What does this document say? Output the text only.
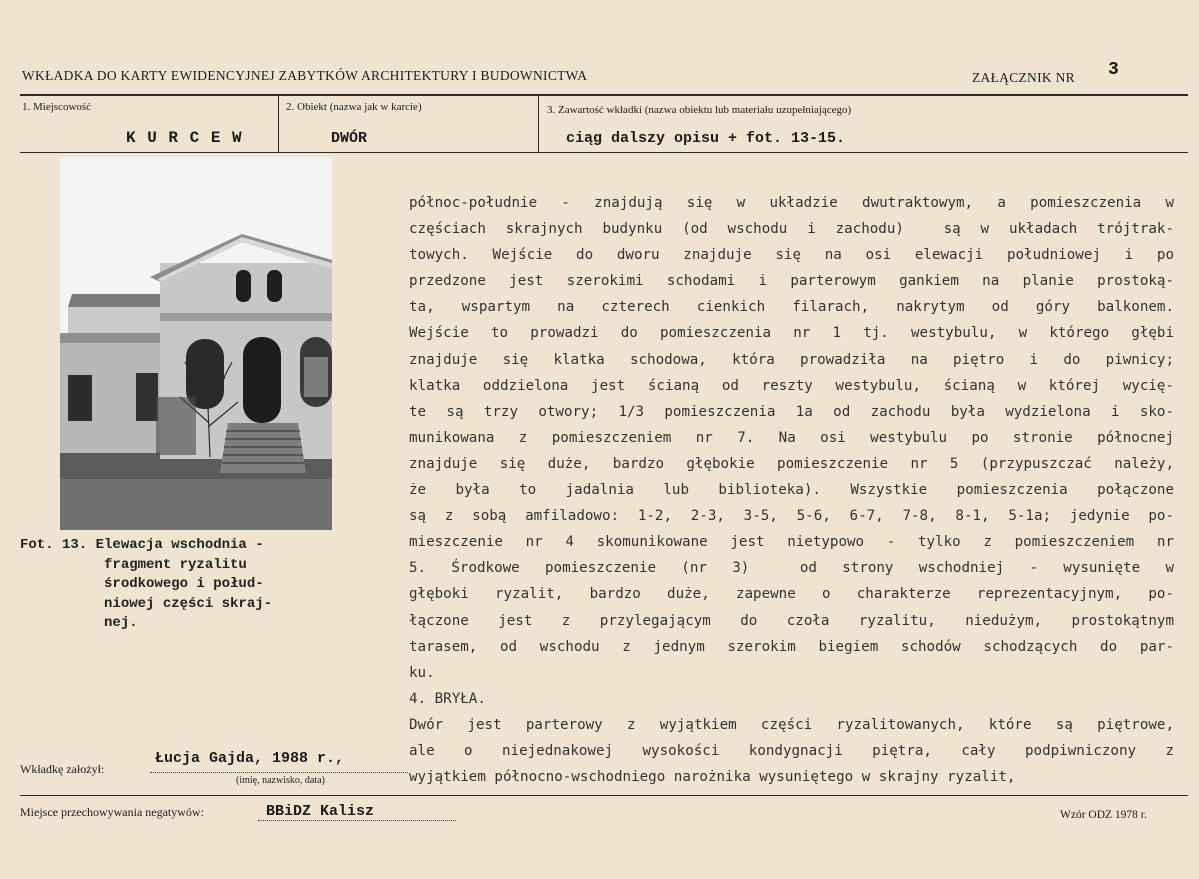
WKŁADKA DO KARTY EWIDENCYJNEJ ZABYTKÓW ARCHITEKTURY I BUDOWNICTWA	ZAŁĄCZNIK NR 3
1. Miejscowość	2. Obiekt (nazwa jak w karcie)	3. Zawartość wkładki (nazwa obiektu lub materiału uzupełniającego)
K U R C E W	DWÓR	ciąg dalszy opisu + fot. 13-15.
Fot. 13. Elewacja wschodnia -
fragment ryzalitu
środkowego i połud-
niowej części skraj-
nej.
północ-południe - znajdują się w układzie dwutraktowym, a pomieszczenia w
częściach skrajnych budynku (od wschodu i zachodu)  są w układach trójtrak-
towych. Wejście do dworu znajduje się na osi elewacji południowej i po
przedzone jest szerokimi schodami i parterowym gankiem na planie prostoką-
ta, wspartym na czterech cienkich filarach, nakrytym od góry balkonem.
Wejście to prowadzi do pomieszczenia nr 1 tj. westybulu, w którego głębi
znajduje się klatka schodowa, która prowadziła na piętro i do piwnicy;
klatka oddzielona jest ścianą od reszty westybulu, ścianą w której wycię-
te są trzy otwory; 1/3 pomieszczenia 1a od zachodu była wydzielona i sko-
munikowana z pomieszczeniem nr 7. Na osi westybulu po stronie północnej
znajduje się duże, bardzo głębokie pomieszczenie nr 5 (przypuszczać należy,
że była to jadalnia lub biblioteka). Wszystkie pomieszczenia połączone
są z sobą amfiladowo: 1-2, 2-3, 3-5, 5-6, 6-7, 7-8, 8-1, 5-1a; jedynie po-
mieszczenie nr 4 skomunikowane jest nietypowo - tylko z pomieszczeniem nr
5. Środkowe pomieszczenie (nr 3)  od strony wschodniej - wysunięte w
głęboki ryzalit, bardzo duże, zapewne o charakterze reprezentacyjnym, po-
łączone jest z przylegającym do czoła ryzalitu, niedużym, prostokątnym
tarasem, od wschodu z jednym szerokim biegiem schodów schodzących do par-
ku.
4. BRYŁA.
Dwór jest parterowy z wyjątkiem części ryzalitowanych, które są piętrowe,
ale o niejednakowej wysokości kondygnacji piętra, cały podpiwniczony z
wyjątkiem północno-wschodniego narożnika wysuniętego w skrajny ryzalit,
Wkładkę założył:
Łucja Gajda, 1988 r.,
(imię, nazwisko, data)
Miejsce przechowywania negatywów:	BBiDZ Kalisz	Wzór ODZ 1978 r.
